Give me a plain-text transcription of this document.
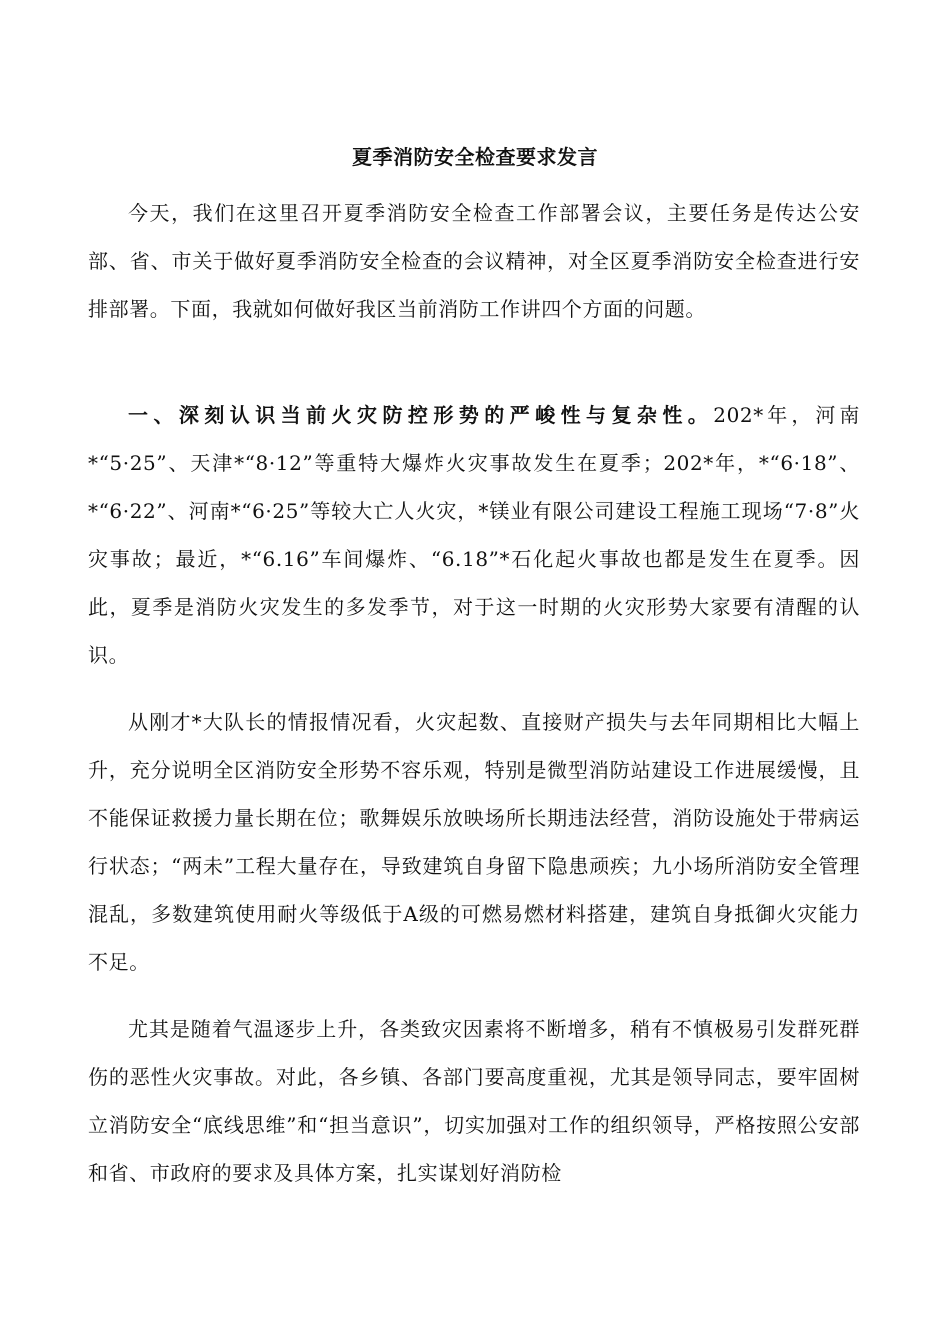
夏季消防安全检查要求发言

今天，我们在这里召开夏季消防安全检查工作部署会议，主要任务是传达公安部、省、市关于做好夏季消防安全检查的会议精神，对全区夏季消防安全检查进行安排部署。下面，我就如何做好我区当前消防工作讲四个方面的问题。

一、深刻认识当前火灾防控形势的严峻性与复杂性。202*年，河南*“5·25”、天津*“8·12”等重特大爆炸火灾事故发生在夏季；202*年，*“6·18”、*“6·22”、河南*“6·25”等较大亡人火灾，*镁业有限公司建设工程施工现场“7·8”火灾事故；最近，*“6.16”车间爆炸、“6.18”*石化起火事故也都是发生在夏季。因此，夏季是消防火灾发生的多发季节，对于这一时期的火灾形势大家要有清醒的认识。

从刚才*大队长的情报情况看，火灾起数、直接财产损失与去年同期相比大幅上升，充分说明全区消防安全形势不容乐观，特别是微型消防站建设工作进展缓慢，且不能保证救援力量长期在位；歌舞娱乐放映场所长期违法经营，消防设施处于带病运行状态；“两未”工程大量存在，导致建筑自身留下隐患顽疾；九小场所消防安全管理混乱，多数建筑使用耐火等级低于A级的可燃易燃材料搭建，建筑自身抵御火灾能力不足。

尤其是随着气温逐步上升，各类致灾因素将不断增多，稍有不慎极易引发群死群伤的恶性火灾事故。对此，各乡镇、各部门要高度重视，尤其是领导同志，要牢固树立消防安全“底线思维”和“担当意识”，切实加强对工作的组织领导，严格按照公安部和省、市政府的要求及具体方案，扎实谋划好消防检
